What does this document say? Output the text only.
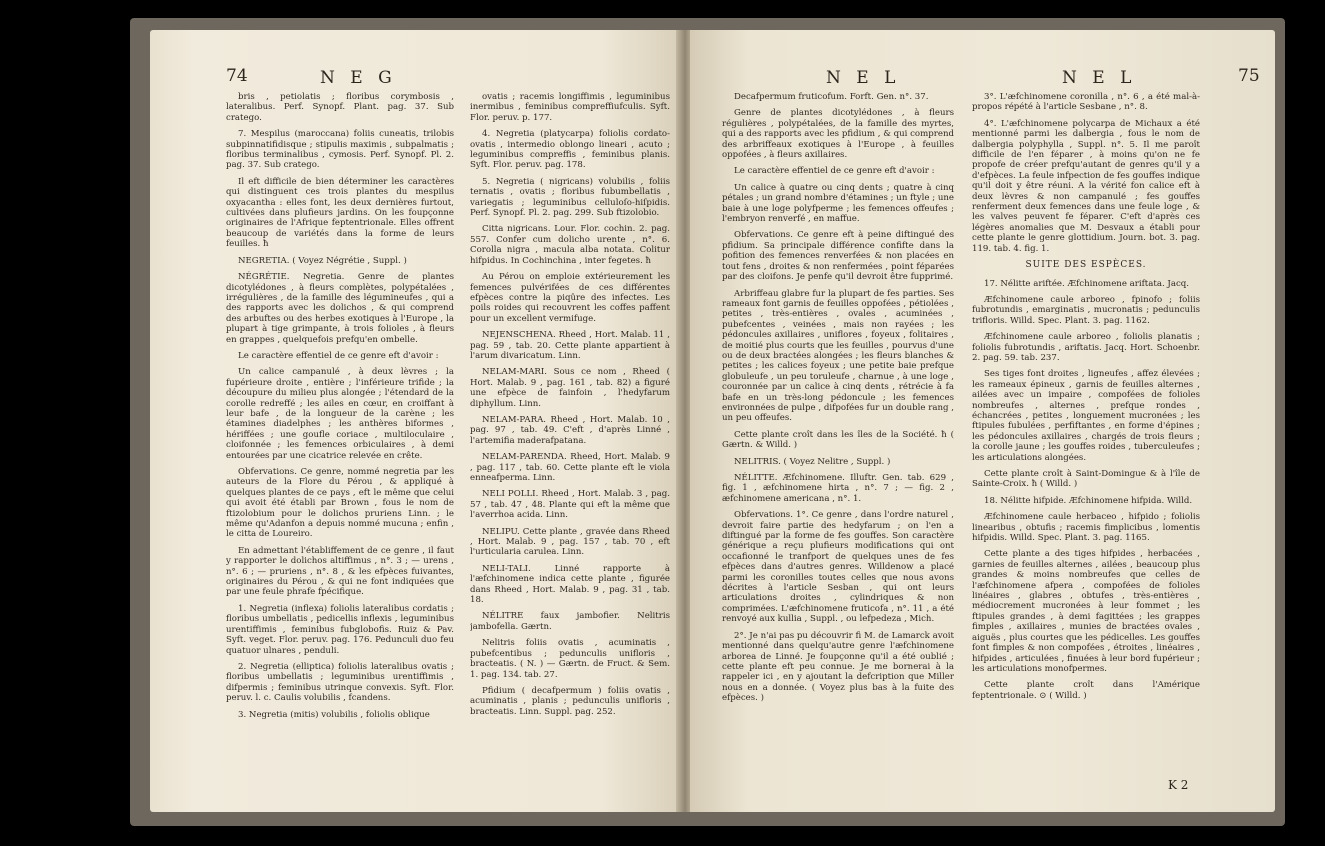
74	N E G

bris , petiolatis ; floribus corymbosis , lateralibus. Perf. Synopf. Plant. pag. 37. Sub cratego.

7. Mespilus (maroccana) foliis cuneatis, trilobis subpinnatifidisque ; stipulis maximis , subpalmatis ; floribus terminalibus , cymosis. Perf. Synopf. Pl. 2. pag. 37. Sub cratego.

Il eft difficile de bien déterminer les caractères qui distinguent ces trois plantes du mespilus oxyacantha : elles font, les deux dernières furtout, cultivées dans plufieurs jardins. On les foupçonne originaires de l'Afrique feptentrionale. Elles offrent beaucoup de variétés dans la forme de leurs feuilles. ħ

NEGRETIA. ( Voyez Négrétie , Suppl. )

NÉGRÉTIE. Negretia. Genre de plantes dicotylédones , à fleurs complètes, polypétalées , irrégulières , de la famille des légumineufes , qui a des rapports avec les dolichos , & qui comprend des arbuftes ou des herbes exotiques à l'Europe , la plupart à tige grimpante, à trois folioles , à fleurs en grappes , quelquefois prefqu'en ombelle.

Le caractère effentiel de ce genre eft d'avoir :

Un calice campanulé , à deux lèvres ; la fupérieure droite , entière ; l'inférieure trifide ; la découpure du milieu plus alongée ; l'étendard de la corolle redreffé ; les ailes en cœur, en croiffant à leur bafe , de la longueur de la carène ; les étamines diadelphes ; les anthères biformes , hériffées ; une goufle coriace , multiloculaire , cloifonnée ; les femences orbiculaires , à demi entourées par une cicatrice relevée en crête.

Obfervations. Ce genre, nommé negretia par les auteurs de la Flore du Pérou , & appliqué à quelques plantes de ce pays , eft le même que celui qui avoit été établi par Brown , fous le nom de ftizolobium pour le dolichos pruriens Linn. ; le même qu'Adanfon a depuis nommé mucuna ; enfin , le citta de Loureiro.

En admettant l'établiffement de ce genre , il faut y rapporter le dolichos altiffimus , n°. 3 ; — urens , n°. 6 ; — pruriens , n°. 8 , & les efpèces fuivantes, originaires du Pérou , & qui ne font indiquées que par une feule phrafe fpécifique.

1. Negretia (inflexa) foliolis lateralibus cordatis ; floribus umbellatis , pedicellis inflexis , leguminibus urentiffimis , feminibus fubglobofis. Ruiz & Pav. Syft. veget. Flor. peruv. pag. 176. Pedunculi duo feu quatuor ulnares , penduli.

2. Negretia (elliptica) foliolis lateralibus ovatis ; floribus umbellatis ; leguminibus urentiffimis , difpermis ; feminibus utrinque convexis. Syft. Flor. peruv. l. c. Caulis volubilis , fcandens.

3. Negretia (mitis) volubilis , foliolis oblique

ovatis ; racemis longiffimis , leguminibus inermibus , feminibus compreffiufculis. Syft. Flor. peruv. p. 177.

4. Negretia (platycarpa) foliolis cordato-ovatis , intermedio oblongo lineari , acuto ; leguminibus compreffis , feminibus planis. Syft. Flor. peruv. pag. 178.

5. Negretia ( nigricans) volubilis , foliis ternatis , ovatis ; floribus fubumbellatis , variegatis ; leguminibus celluloſo-hiſpidis. Perf. Synopf. Pl. 2. pag. 299. Sub ftizolobio.

Citta nigricans. Lour. Flor. cochin. 2. pag. 557. Confer cum dolicho urente , n°. 6. Corolla nigra , macula alba notata. Colitur hifpidus. In Cochinchina , inter fegetes. ħ

Au Pérou on emploie extérieurement les femences pulvérifées de ces différentes efpèces contre la piqûre des infectes. Les poils roides qui recouvrent les coffes paffent pour un excellent vermifuge.

NEJENSCHENA. Rheed , Hort. Malab. 11 , pag. 59 , tab. 20. Cette plante appartient à l'arum divaricatum. Linn.

NELAM-MARI. Sous ce nom , Rheed ( Hort. Malab. 9 , pag. 161 , tab. 82) a figuré une efpèce de fainfoin , l'hedyfarum diphyllum. Linn.

NELAM-PARA. Rheed , Hort. Malab. 10 , pag. 97 , tab. 49. C'eft , d'après Linné , l'artemifia maderafpatana.

NELAM-PARENDA. Rheed, Hort. Malab. 9 , pag. 117 , tab. 60. Cette plante eft le viola enneafperma. Linn.

NELI POLLI. Rheed , Hort. Malab. 3 , pag. 57 , tab. 47 , 48. Plante qui eft la même que l'averrhoa acida. Linn.

NELIPU. Cette plante , gravée dans Rheed , Hort. Malab. 9 , pag. 157 , tab. 70 , eft l'urticularia carulea. Linn.

NELI-TALI. Linné rapporte à l'æfchinomene indica cette plante , figurée dans Rheed , Hort. Malab. 9 , pag. 31 , tab. 18.

NÉLITRE faux jambofier. Nelitris jambofella. Gærtn.

Nelitris foliis ovatis , acuminatis , pubefcentibus ; pedunculis unifloris , bracteatis. ( N. ) — Gærtn. de Fruct. & Sem. 1. pag. 134. tab. 27.

Pfidium ( decafpermum ) foliis ovatis , acuminatis , planis ; pedunculis unifloris , bracteatis. Linn. Suppl. pag. 252.

N E L	N E L	75

Decafpermum fruticofum. Forft. Gen. n°. 37.

Genre de plantes dicotylédones , à fleurs régulières , polypétalées, de la famille des myrtes, qui a des rapports avec les pfidium , & qui comprend des arbriffeaux exotiques à l'Europe , à feuilles oppofées , à fleurs axillaires.

Le caractère effentiel de ce genre eft d'avoir :

Un calice à quatre ou cinq dents ; quatre à cinq pétales ; un grand nombre d'étamines ; un ftyle ; une baie à une loge polyfperme ; les femences offeufes ; l'embryon renverfé , en maffue.

Obfervations. Ce genre eft à peine diftingué des pfidium. Sa principale différence confifte dans la pofition des femences renverfées & non placées en tout fens , droites & non renfermées , point féparées par des cloifons. Je penfe qu'il devroit être fupprimé.

Arbriffeau glabre fur la plupart de fes parties. Ses rameaux font garnis de feuilles oppofées , pétiolées , petites , très-entières , ovales , acuminées , pubefcentes , veinées , mais non rayées ; les pédoncules axillaires , uniflores , foyeux , folitaires , de moitié plus courts que les feuilles , pourvus d'une ou de deux bractées alongées ; les fleurs blanches & petites ; les calices foyeux ; une petite baie prefque globuleufe , un peu toruleufe , charnue , à une loge , couronnée par un calice à cinq dents , rétrécie à fa bafe en un très-long pédoncule ; les femences environnées de pulpe , difpofées fur un double rang , un peu offeufes.

Cette plante croît dans les îles de la Société. ħ ( Gærtn. & Willd. )

NELITRIS. ( Voyez Nelitre , Suppl. )

NÉLITTE. Æfchinomene. Illuftr. Gen. tab. 629 , fig. 1 , æfchinomene hirta , n°. 7 ; — fig. 2 , æfchinomene americana , n°. 1.

Obfervations. 1°. Ce genre , dans l'ordre naturel , devroit faire partie des hedyfarum ; on l'en a diftingué par la forme de fes gouffes. Son caractère générique a reçu plufieurs modifications qui ont occafionné le tranfport de quelques unes de fes efpèces dans d'autres genres. Willdenow a placé parmi les coronilles toutes celles que nous avons décrites à l'article Sesban , qui ont leurs articulations droites , cylindriques & non comprimées. L'æfchinomene fruticofa , n°. 11 , a été renvoyé aux kullia , Suppl. , ou lefpedeza , Mich.

2°. Je n'ai pas pu découvrir fi M. de Lamarck avoit mentionné dans quelqu'autre genre l'æfchinomene arborea de Linné. Je foupçonne qu'il a été oublié ; cette plante eft peu connue. Je me bornerai à la rappeler ici , en y ajoutant la defcription que Miller nous en a donnée. ( Voyez plus bas à la fuite des efpèces. )

3°. L'æfchinomene coronilla , n°. 6 , a été mal-à-propos répété à l'article Sesbane , n°. 8.

4°. L'æfchinomene polycarpa de Michaux a été mentionné parmi les dalbergia , fous le nom de dalbergia polyphylla , Suppl. n°. 5. Il me paroît difficile de l'en féparer , à moins qu'on ne fe propofe de créer prefqu'autant de genres qu'il y a d'efpèces. La feule infpection de fes gouffes indique qu'il doit y être réuni. A la vérité fon calice eft à deux lèvres & non campanulé ; fes gouffes renferment deux femences dans une feule loge , & les valves peuvent fe féparer. C'eft d'après ces légères anomalies que M. Desvaux a établi pour cette plante le genre glottidium. Journ. bot. 3. pag. 119. tab. 4. fig. 1.

SUITE DES ESPÈCES.

17. Nélitte ariftée. Æfchinomene ariftata. Jacq.

Æfchinomene caule arboreo , fpinofo ; foliis fubrotundis , emarginatis , mucronatis ; pedunculis trifloris. Willd. Spec. Plant. 3. pag. 1162.

Æfchinomene caule arboreo , foliolis planatis ; foliolis fubrotundis , ariftatis. Jacq. Hort. Schoenbr. 2. pag. 59. tab. 237.

Ses tiges font droites , ligneufes , affez élevées ; les rameaux épineux , garnis de feuilles alternes , ailées avec un impaire , compofées de folioles nombreufes , alternes , prefque rondes , échancrées , petites , longuement mucronées ; les ftipules fubulées , perfiftantes , en forme d'épines ; les pédoncules axillaires , chargés de trois fleurs ; la corolle jaune ; les gouffes roides , tuberculeufes ; les articulations alongées.

Cette plante croît à Saint-Domingue & à l'île de Sainte-Croix. ħ ( Willd. )

18. Nélitte hifpide. Æfchinomene hifpida. Willd.

Æfchinomene caule herbaceo , hifpido ; foliolis linearibus , obtufis ; racemis fimplicibus , lomentis hifpidis. Willd. Spec. Plant. 3. pag. 1165.

Cette plante a des tiges hifpides , herbacées , garnies de feuilles alternes , ailées , beaucoup plus grandes & moins nombreufes que celles de l'æfchinomene afpera , compofées de folioles linéaires , glabres , obtufes , très-entières , médiocrement mucronées à leur fommet ; les ftipules grandes , à demi fagittées ; les grappes fimples , axillaires , munies de bractées ovales , aiguës , plus courtes que les pédicelles. Les gouffes font fimples & non compofées , étroites , linéaires , hifpides , articulées , finuées à leur bord fupérieur ; les articulations monofpermes.

Cette plante croît dans l'Amérique feptentrionale. ⊙ ( Willd. )

K 2
